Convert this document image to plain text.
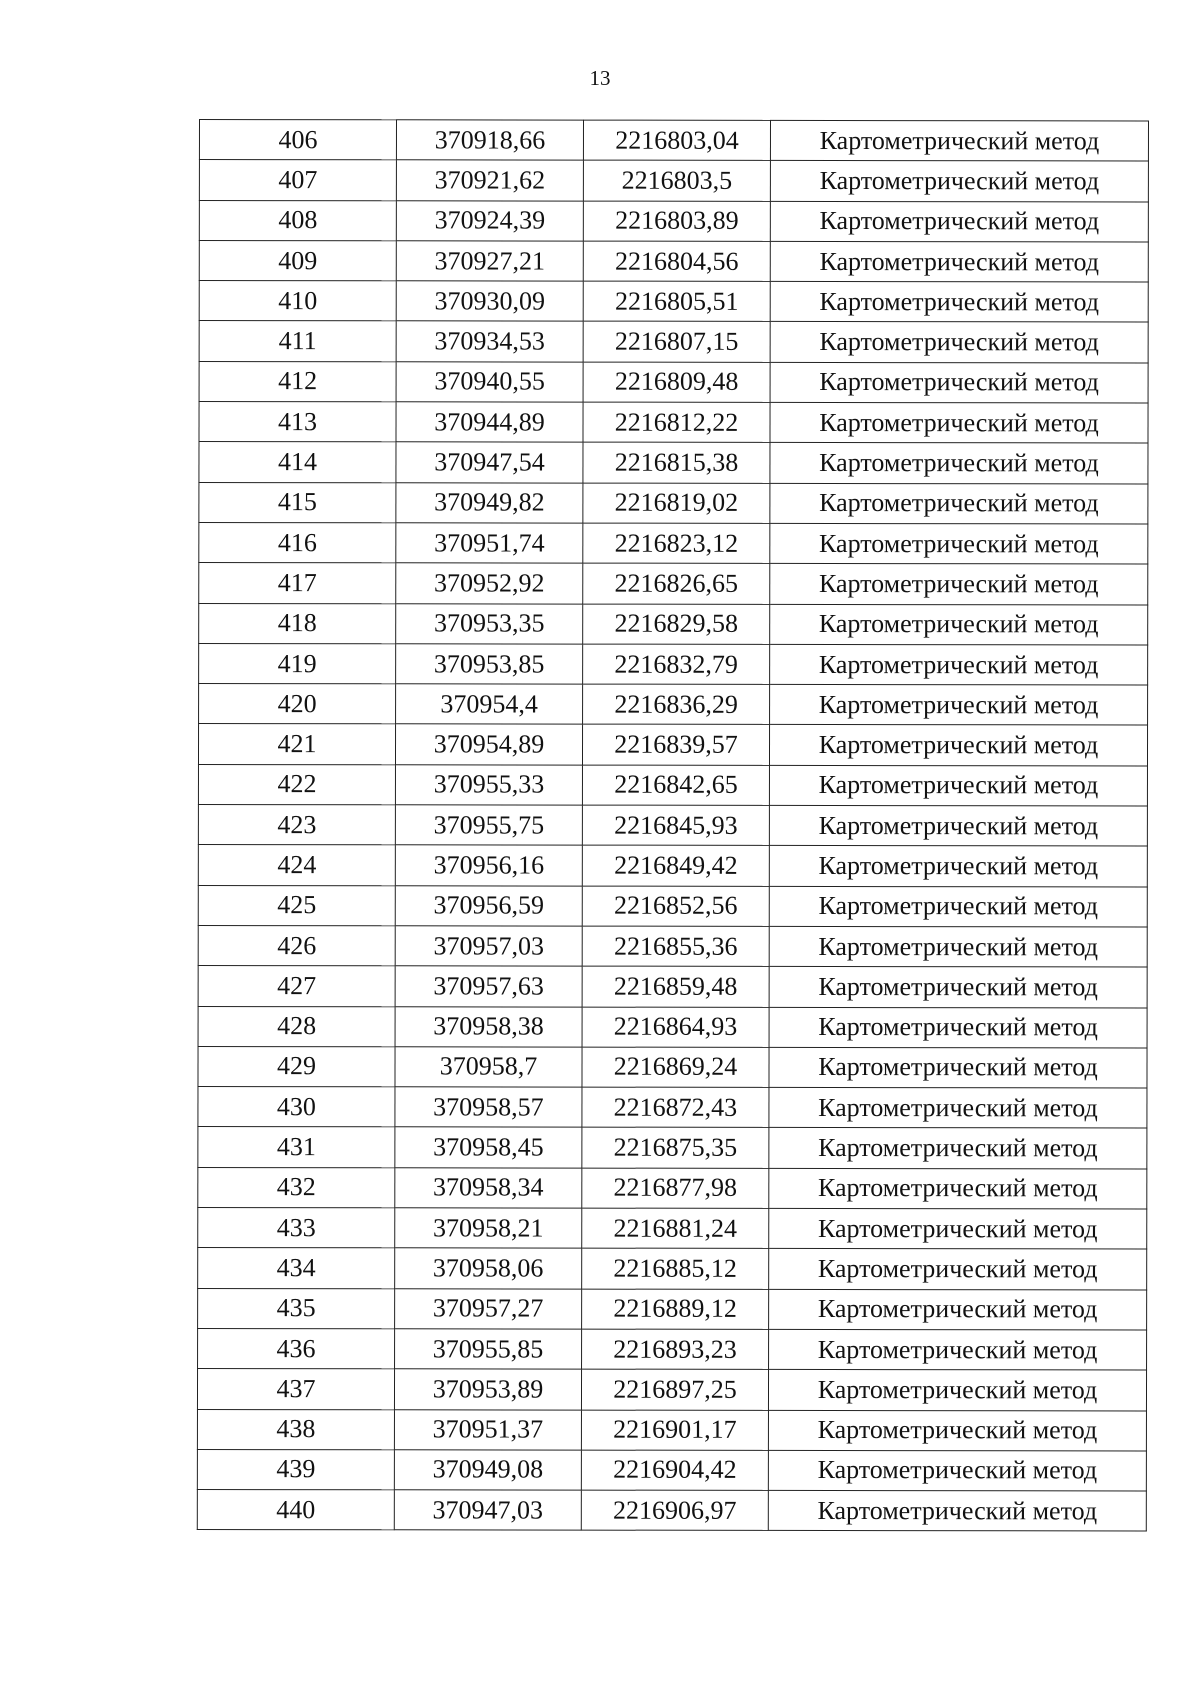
13
406	370918,66	2216803,04	Картометрический метод
407	370921,62	2216803,5	Картометрический метод
408	370924,39	2216803,89	Картометрический метод
409	370927,21	2216804,56	Картометрический метод
410	370930,09	2216805,51	Картометрический метод
411	370934,53	2216807,15	Картометрический метод
412	370940,55	2216809,48	Картометрический метод
413	370944,89	2216812,22	Картометрический метод
414	370947,54	2216815,38	Картометрический метод
415	370949,82	2216819,02	Картометрический метод
416	370951,74	2216823,12	Картометрический метод
417	370952,92	2216826,65	Картометрический метод
418	370953,35	2216829,58	Картометрический метод
419	370953,85	2216832,79	Картометрический метод
420	370954,4	2216836,29	Картометрический метод
421	370954,89	2216839,57	Картометрический метод
422	370955,33	2216842,65	Картометрический метод
423	370955,75	2216845,93	Картометрический метод
424	370956,16	2216849,42	Картометрический метод
425	370956,59	2216852,56	Картометрический метод
426	370957,03	2216855,36	Картометрический метод
427	370957,63	2216859,48	Картометрический метод
428	370958,38	2216864,93	Картометрический метод
429	370958,7	2216869,24	Картометрический метод
430	370958,57	2216872,43	Картометрический метод
431	370958,45	2216875,35	Картометрический метод
432	370958,34	2216877,98	Картометрический метод
433	370958,21	2216881,24	Картометрический метод
434	370958,06	2216885,12	Картометрический метод
435	370957,27	2216889,12	Картометрический метод
436	370955,85	2216893,23	Картометрический метод
437	370953,89	2216897,25	Картометрический метод
438	370951,37	2216901,17	Картометрический метод
439	370949,08	2216904,42	Картометрический метод
440	370947,03	2216906,97	Картометрический метод
